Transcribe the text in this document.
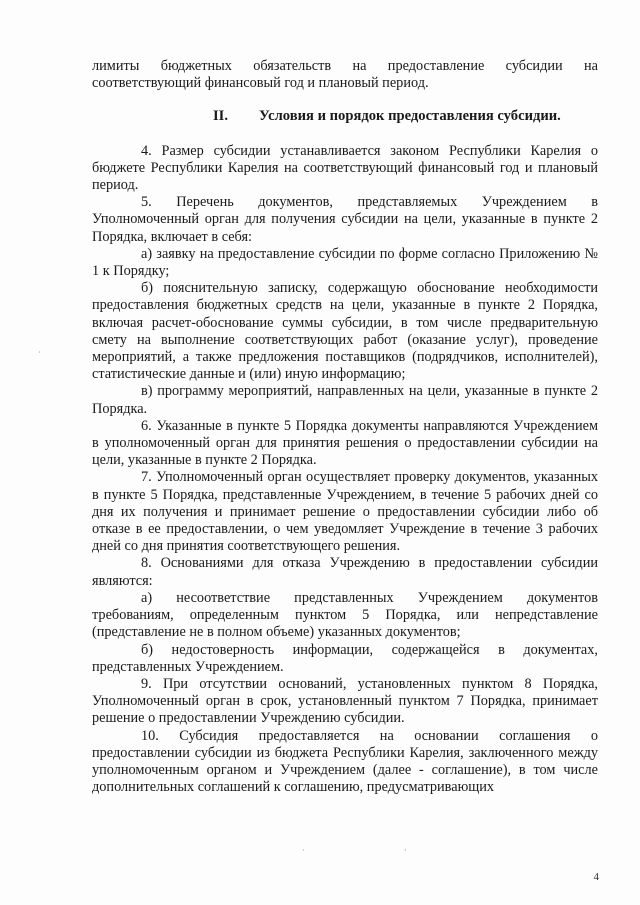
лимиты бюджетных обязательств на предоставление субсидии на соответствующий финансовый год и плановый период.

II. Условия и порядок предоставления субсидии.

4. Размер субсидии устанавливается законом Республики Карелия о бюджете Республики Карелия на соответствующий финансовый год и плановый период.

5. Перечень документов, представляемых Учреждением в Уполномоченный орган для получения субсидии на цели, указанные в пункте 2 Порядка, включает в себя:

а) заявку на предоставление субсидии по форме согласно Приложению № 1 к Порядку;

б) пояснительную записку, содержащую обоснование необходимости предоставления бюджетных средств на цели, указанные в пункте 2 Порядка, включая расчет-обоснование суммы субсидии, в том числе предварительную смету на выполнение соответствующих работ (оказание услуг), проведение мероприятий, а также предложения поставщиков (подрядчиков, исполнителей), статистические данные и (или) иную информацию;

в) программу мероприятий, направленных на цели, указанные в пункте 2 Порядка.

6. Указанные в пункте 5 Порядка документы направляются Учреждением в уполномоченный орган для принятия решения о предоставлении субсидии на цели, указанные в пункте 2 Порядка.

7. Уполномоченный орган осуществляет проверку документов, указанных в пункте 5 Порядка, представленные Учреждением, в течение 5 рабочих дней со дня их получения и принимает решение о предоставлении субсидии либо об отказе в ее предоставлении, о чем уведомляет Учреждение в течение 3 рабочих дней со дня принятия соответствующего решения.

8. Основаниями для отказа Учреждению в предоставлении субсидии являются:

а) несоответствие представленных Учреждением документов требованиям, определенным пунктом 5 Порядка, или непредставление (представление не в полном объеме) указанных документов;

б) недостоверность информации, содержащейся в документах, представленных Учреждением.

9. При отсутствии оснований, установленных пунктом 8 Порядка, Уполномоченный орган в срок, установленный пунктом 7 Порядка, принимает решение о предоставлении Учреждению субсидии.

10. Субсидия предоставляется на основании соглашения о предоставлении субсидии из бюджета Республики Карелия, заключенного между уполномоченным органом и Учреждением (далее - соглашение), в том числе дополнительных соглашений к соглашению, предусматривающих

·
·	·
4
